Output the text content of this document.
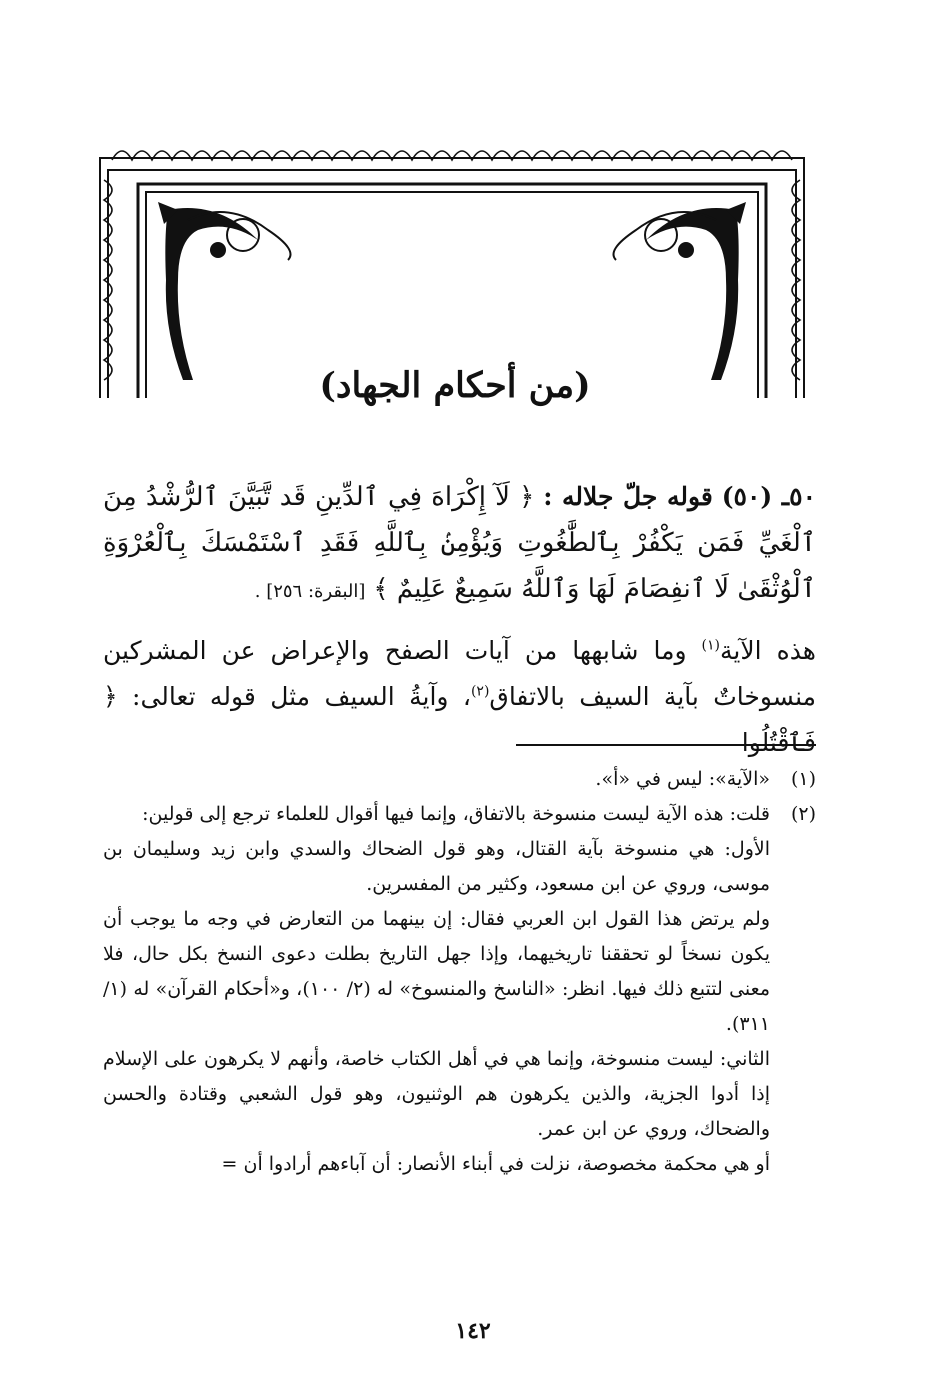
(من أحكام الجهاد)

٥٠ـ (٥٠) قوله جلّ جلاله : ﴿ لَآ إِكْرَاهَ فِي ٱلدِّينِ قَد تَّبَيَّنَ ٱلرُّشْدُ مِنَ ٱلْغَيِّ فَمَن يَكْفُرْ بِٱلطَّٰغُوتِ وَيُؤْمِنۢ بِٱللَّهِ فَقَدِ ٱسْتَمْسَكَ بِٱلْعُرْوَةِ ٱلْوُثْقَىٰ لَا ٱنفِصَامَ لَهَا وَٱللَّهُ سَمِيعٌ عَلِيمٌ ﴾ [البقرة: ٢٥٦] .

هذه الآية$^{(١)}$ وما شابهها من آيات الصفح والإعراض عن المشركين منسوخاتٌ بآية السيف بالاتفاق$^{(٢)}$، وآيةُ السيف مثل قوله تعالى: ﴿ فَٱقْتُلُوا

(١)

«الآية»: ليس في «أ».

(٢)

قلت: هذه الآية ليست منسوخة بالاتفاق، وإنما فيها أقوال للعلماء ترجع إلى قولين:

الأول: هي منسوخة بآية القتال، وهو قول الضحاك والسدي وابن زيد وسليمان بن موسى، وروي عن ابن مسعود، وكثير من المفسرين.

ولم يرتض هذا القول ابن العربي فقال: إن بينهما من التعارض في وجه ما يوجب أن يكون نسخاً لو تحققنا تاريخيهما، وإذا جهل التاريخ بطلت دعوى النسخ بكل حال، فلا معنى لتتبع ذلك فيها. انظر: «الناسخ والمنسوخ» له (٢/ ١٠٠)، و«أحكام القرآن» له (١/ ٣١١).

الثاني: ليست منسوخة، وإنما هي في أهل الكتاب خاصة، وأنهم لا يكرهون على الإسلام إذا أدوا الجزية، والذين يكرهون هم الوثنيون، وهو قول الشعبي وقتادة والحسن والضحاك، وروي عن ابن عمر.

أو هي محكمة مخصوصة، نزلت في أبناء الأنصار: أن آباءهم أرادوا أن =

١٤٢
